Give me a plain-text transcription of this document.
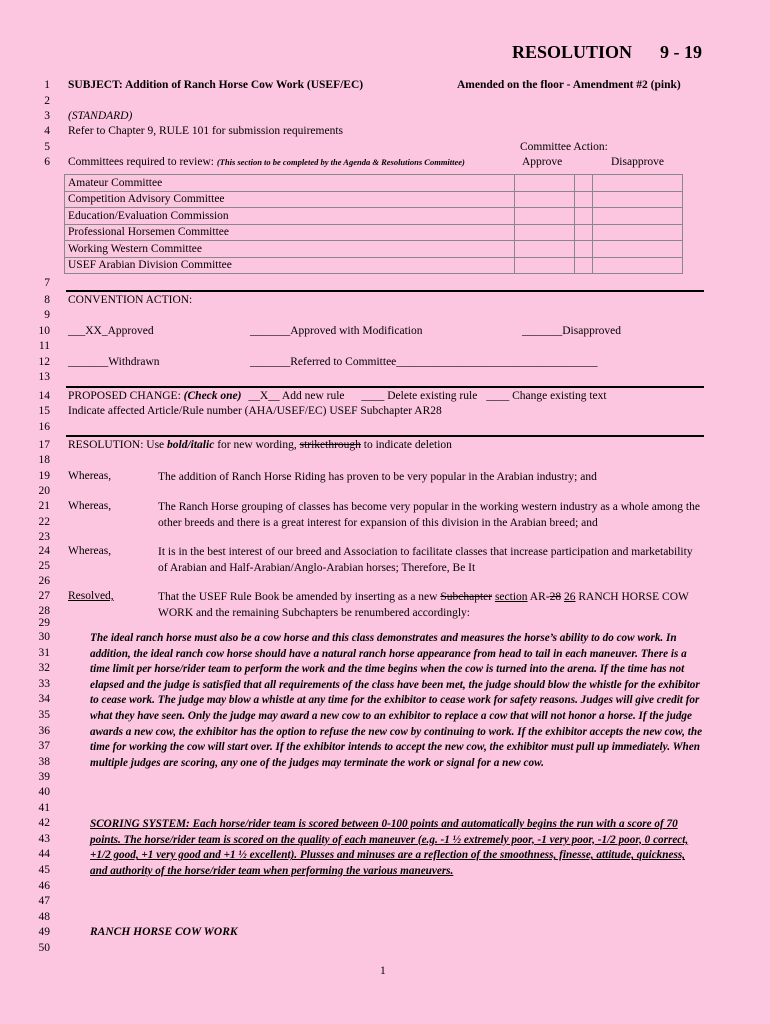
RESOLUTION 9 - 19
1
2
3
4
5
6
7
8
9
10
11
12
13
14
15
16
17
18
19
20
21
22
23
24
25
26
27
28
29
30
31
32
33
34
35
36
37
38
39
40
41
42
43
44
45
46
47
48
49
50
SUBJECT: Addition of Ranch Horse Cow Work (USEF/EC)	Amended on the floor - Amendment #2 (pink)
(STANDARD)
Refer to Chapter 9, RULE 101 for submission requirements
Committee Action:
Committees required to review: (This section to be completed by the Agenda & Resolutions Committee)	Approve	Disapprove
Amateur Committee			
Competition Advisory Committee			
Education/Evaluation Commission			
Professional Horsemen Committee			
Working Western Committee			
USEF Arabian Division Committee			
CONVENTION ACTION:
___XX_Approved	_______Approved with Modification	_______Disapproved
_______Withdrawn	_______Referred to Committee___________________________________
PROPOSED CHANGE: (Check one) __X__ Add new rule ____ Delete existing rule ____ Change existing text
Indicate affected Article/Rule number (AHA/USEF/EC) USEF Subchapter AR28
RESOLUTION: Use bold/italic for new wording, strikethrough to indicate deletion
Whereas,	The addition of Ranch Horse Riding has proven to be very popular in the Arabian industry; and
Whereas,	The Ranch Horse grouping of classes has become very popular in the working western industry as a whole among the other breeds and there is a great interest for expansion of this division in the Arabian breed; and
Whereas,	It is in the best interest of our breed and Association to facilitate classes that increase participation and marketability of Arabian and Half-Arabian/Anglo-Arabian horses; Therefore, Be It
Resolved,	That the USEF Rule Book be amended by inserting as a new Subchapter section AR-28 26 RANCH HORSE COW WORK and the remaining Subchapters be renumbered accordingly:
The ideal ranch horse must also be a cow horse and this class demonstrates and measures the horse’s ability to do cow work. In addition, the ideal ranch cow horse should have a natural ranch horse appearance from head to tail in each maneuver. There is a time limit per horse/rider team to perform the work and the time begins when the cow is turned into the arena. If the time has not elapsed and the judge is satisfied that all requirements of the class have been met, the judge should blow the whistle for the exhibitor to cease work. The judge may blow a whistle at any time for the exhibitor to cease work for safety reasons. Judges will give credit for what they have seen. Only the judge may award a new cow to an exhibitor to replace a cow that will not honor a horse. If the judge awards a new cow, the exhibitor has the option to refuse the new cow by continuing to work. If the exhibitor accepts the new cow, the time for working the cow will start over. If the exhibitor intends to accept the new cow, the exhibitor must pull up immediately. When multiple judges are scoring, any one of the judges may terminate the work or signal for a new cow.
SCORING SYSTEM: Each horse/rider team is scored between 0-100 points and automatically begins the run with a score of 70 points. The horse/rider team is scored on the quality of each maneuver (e.g. -1 ½ extremely poor, -1 very poor, -1/2 poor, 0 correct, +1/2 good, +1 very good and +1 ½ excellent). Plusses and minuses are a reflection of the smoothness, finesse, attitude, quickness, and authority of the horse/rider team when performing the various maneuvers.
RANCH HORSE COW WORK
1
